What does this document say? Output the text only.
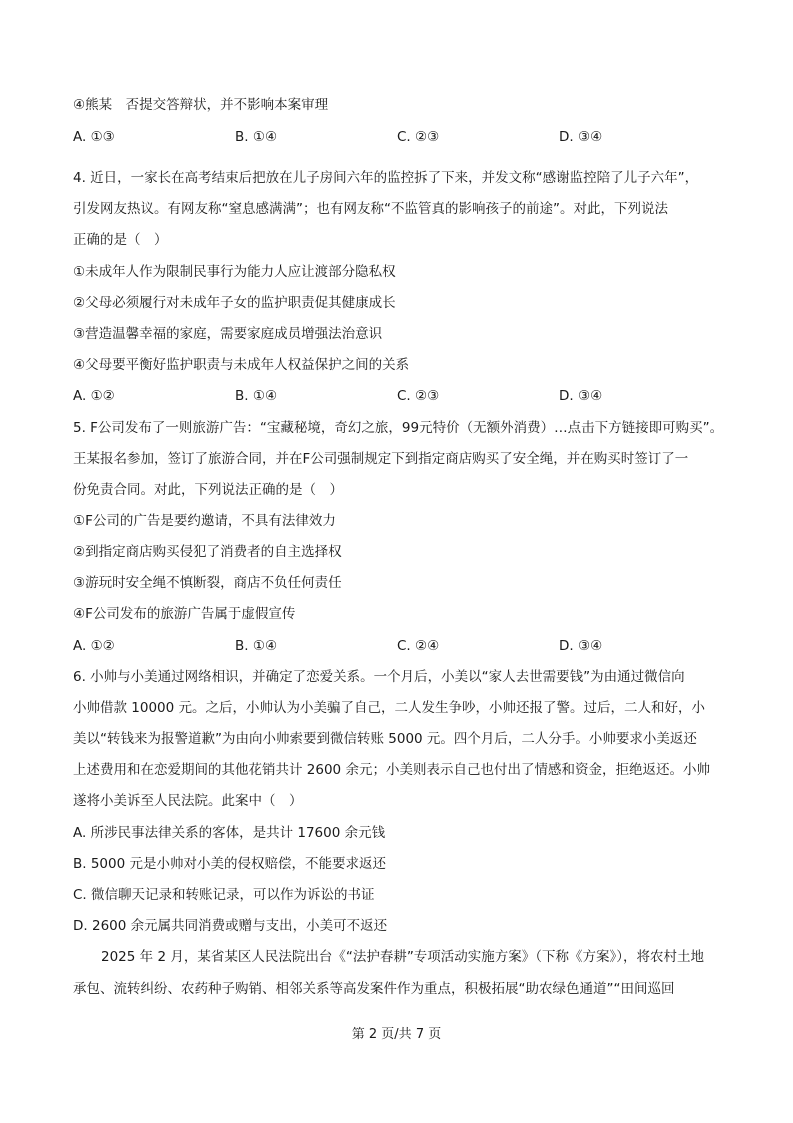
④熊某　否提交答辩状，并不影响本案审理
A. ①③	B. ①④	C. ②③	D. ③④
4. 近日，一家长在高考结束后把放在儿子房间六年的监控拆了下来，并发文称“感谢监控陪了儿子六年”，
引发网友热议。有网友称“窒息感满满”；也有网友称“不监管真的影响孩子的前途”。对此，下列说法
正确的是（　）
①未成年人作为限制民事行为能力人应让渡部分隐私权
②父母必须履行对未成年子女的监护职责促其健康成长
③营造温馨幸福的家庭，需要家庭成员增强法治意识
④父母要平衡好监护职责与未成年人权益保护之间的关系
A. ①②	B. ①④	C. ②③	D. ③④
5. F公司发布了一则旅游广告：“宝藏秘境，奇幻之旅，99元特价（无额外消费）…点击下方链接即可购买”。
王某报名参加，签订了旅游合同，并在F公司强制规定下到指定商店购买了安全绳，并在购买时签订了一
份免责合同。对此，下列说法正确的是（　）
①F公司的广告是要约邀请，不具有法律效力
②到指定商店购买侵犯了消费者的自主选择权
③游玩时安全绳不慎断裂，商店不负任何责任
④F公司发布的旅游广告属于虚假宣传
A. ①②	B. ①④	C. ②④	D. ③④
6. 小帅与小美通过网络相识，并确定了恋爱关系。一个月后，小美以“家人去世需要钱”为由通过微信向
小帅借款 10000 元。之后，小帅认为小美骗了自己，二人发生争吵，小帅还报了警。过后，二人和好，小
美以“转钱来为报警道歉”为由向小帅索要到微信转账 5000 元。四个月后，二人分手。小帅要求小美返还
上述费用和在恋爱期间的其他花销共计 2600 余元；小美则表示自己也付出了情感和资金，拒绝返还。小帅
遂将小美诉至人民法院。此案中（　）
A. 所涉民事法律关系的客体，是共计 17600 余元钱
B. 5000 元是小帅对小美的侵权赔偿，不能要求返还
C. 微信聊天记录和转账记录，可以作为诉讼的书证
D. 2600 余元属共同消费或赠与支出，小美可不返还
2025 年 2 月，某省某区人民法院出台《“法护春耕”专项活动实施方案》（下称《方案》），将农村土地
承包、流转纠纷、农药种子购销、相邻关系等高发案件作为重点，积极拓展“助农绿色通道”“田间巡回
第 2 页/共 7 页
